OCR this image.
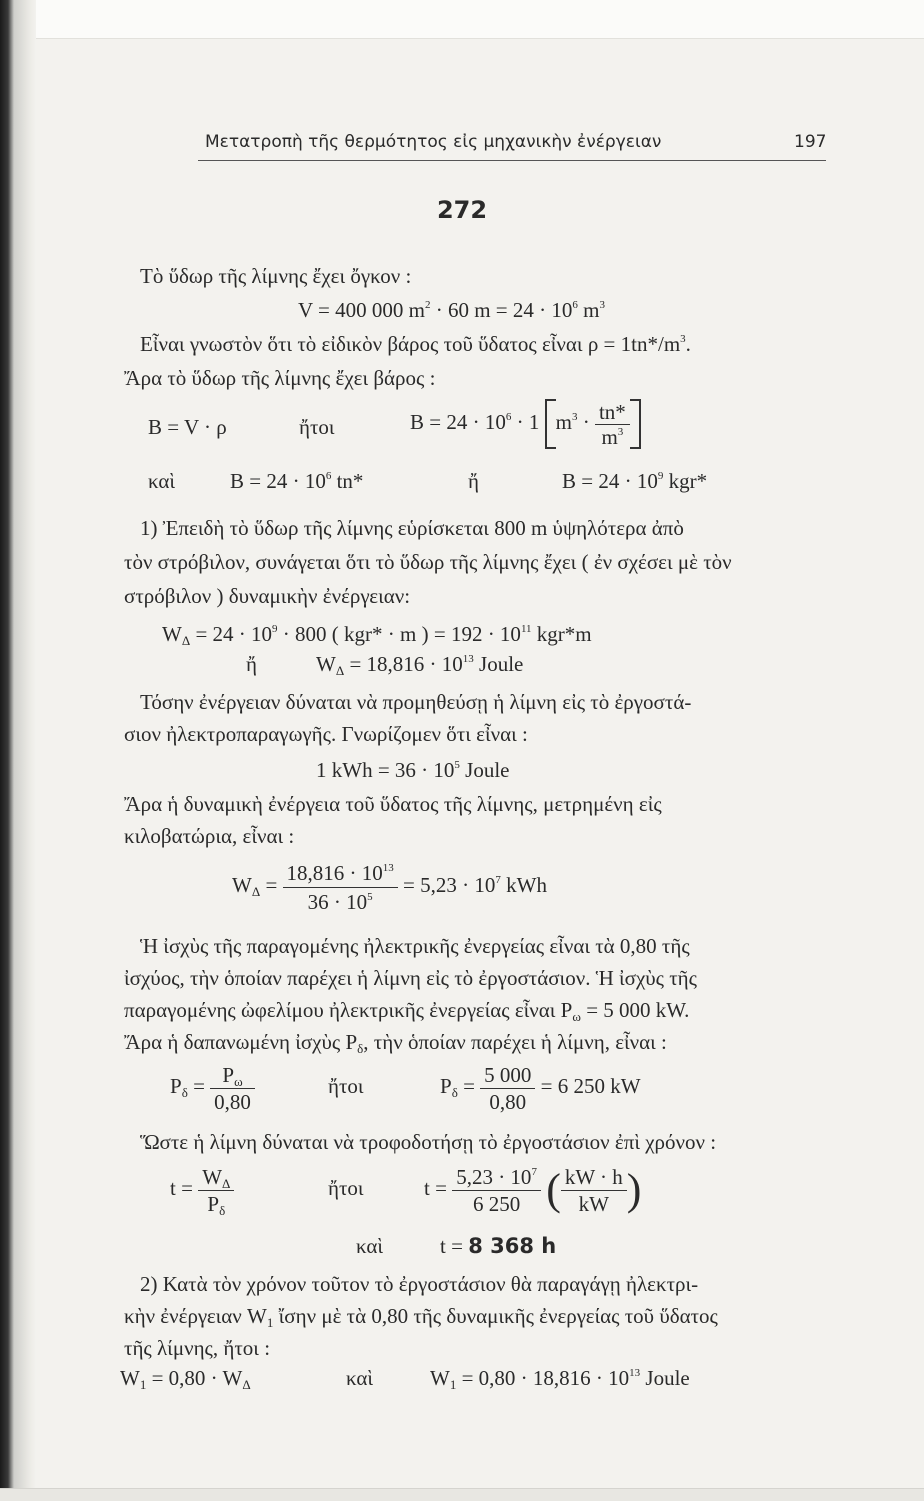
Μετατροπὴ τῆς θερμότητος εἰς μηχανικὴν ἐνέργειαν	197
272
Τὸ ὕδωρ τῆς λίμνης ἔχει ὄγκον :
V = 400 000 $m^2 \cdot 60$ $m = 24 \cdot 10^6$ $m^3$
Εἶναι γνωστὸν ὅτι τὸ εἰδικὸν βάρος τοῦ ὕδατος εἶναι $\rho = 1tn*/m^3$.
Ἄρα τὸ ὕδωρ τῆς λίμνης ἔχει βάρος :
B = V · ρ	ἤτοι	$B = 24 \cdot 10^6 \cdot 1$ $m^3 \cdot \frac{tn*}{m^3}$
καὶ	$B = 24 \cdot 10^6$ tn*	ἤ	$B = 24 \cdot 10^9$ kgr*
1) Ἐπειδὴ τὸ ὕδωρ τῆς λίμνης εὑρίσκεται 800 m ὑψηλότερα ἀπὸ
τὸν στρόβιλον, συνάγεται ὅτι τὸ ὕδωρ τῆς λίμνης ἔχει ( ἐν σχέσει μὲ τὸν
στρόβιλον ) δυναμικὴν ἐνέργειαν:
$W_\Delta = 24 \cdot 10^9 \cdot 800$ ( kgr* · m ) = $192 \cdot 10^{11}$ kgr*m
ἤ	$W_\Delta = 18,816 \cdot 10^{13}$ Joule
Τόσην ἐνέργειαν δύναται νὰ προμηθεύσῃ ἡ λίμνη εἰς τὸ ἐργοστά-
σιον ἠλεκτροπαραγωγῆς. Γνωρίζομεν ὅτι εἶναι :
1 kWh = $36 \cdot 10^5$ Joule
Ἄρα ἡ δυναμικὴ ἐνέργεια τοῦ ὕδατος τῆς λίμνης, μετρημένη εἰς
κιλοβατώρια, εἶναι :
$W_\Delta = \frac{18,816 \cdot 10^{13}}{36 \cdot 10^5} = 5,23 \cdot 10^7$ kWh
Ἡ ἰσχὺς τῆς παραγομένης ἠλεκτρικῆς ἐνεργείας εἶναι τὰ 0,80 τῆς
ἰσχύος, τὴν ὁποίαν παρέχει ἡ λίμνη εἰς τὸ ἐργοστάσιον. Ἡ ἰσχὺς τῆς
παραγομένης ὠφελίμου ἠλεκτρικῆς ἐνεργείας εἶναι $P_\omega = 5$ 000 kW.
Ἄρα ἡ δαπανωμένη ἰσχὺς $P_\delta$, τὴν ὁποίαν παρέχει ἡ λίμνη, εἶναι :
$P_\delta = \frac{P_\omega}{0,80}$	ἤτοι	$P_\delta = \frac{5 000}{0,80} = 6$ 250 kW
Ὥστε ἡ λίμνη δύναται νὰ τροφοδοτήσῃ τὸ ἐργοστάσιον ἐπὶ χρόνον :
$t = \frac{W_\Delta}{P_\delta}$	ἤτοι	$t = \frac{5,23 \cdot 10^7}{6 250}$ ( $\frac{kW \cdot h}{kW}$ )
καὶ	t = 8 368 h
2) Κατὰ τὸν χρόνον τοῦτον τὸ ἐργοστάσιον θὰ παραγάγῃ ἠλεκτρι-
κὴν ἐνέργειαν $W_1$ ἴσην μὲ τὰ 0,80 τῆς δυναμικῆς ἐνεργείας τοῦ ὕδατος
τῆς λίμνης, ἤτοι :
$W_1 = 0,80 \cdot W_\Delta$	καὶ	$W_1 = 0,80 \cdot 18,816 \cdot 10^{13}$ Joule
